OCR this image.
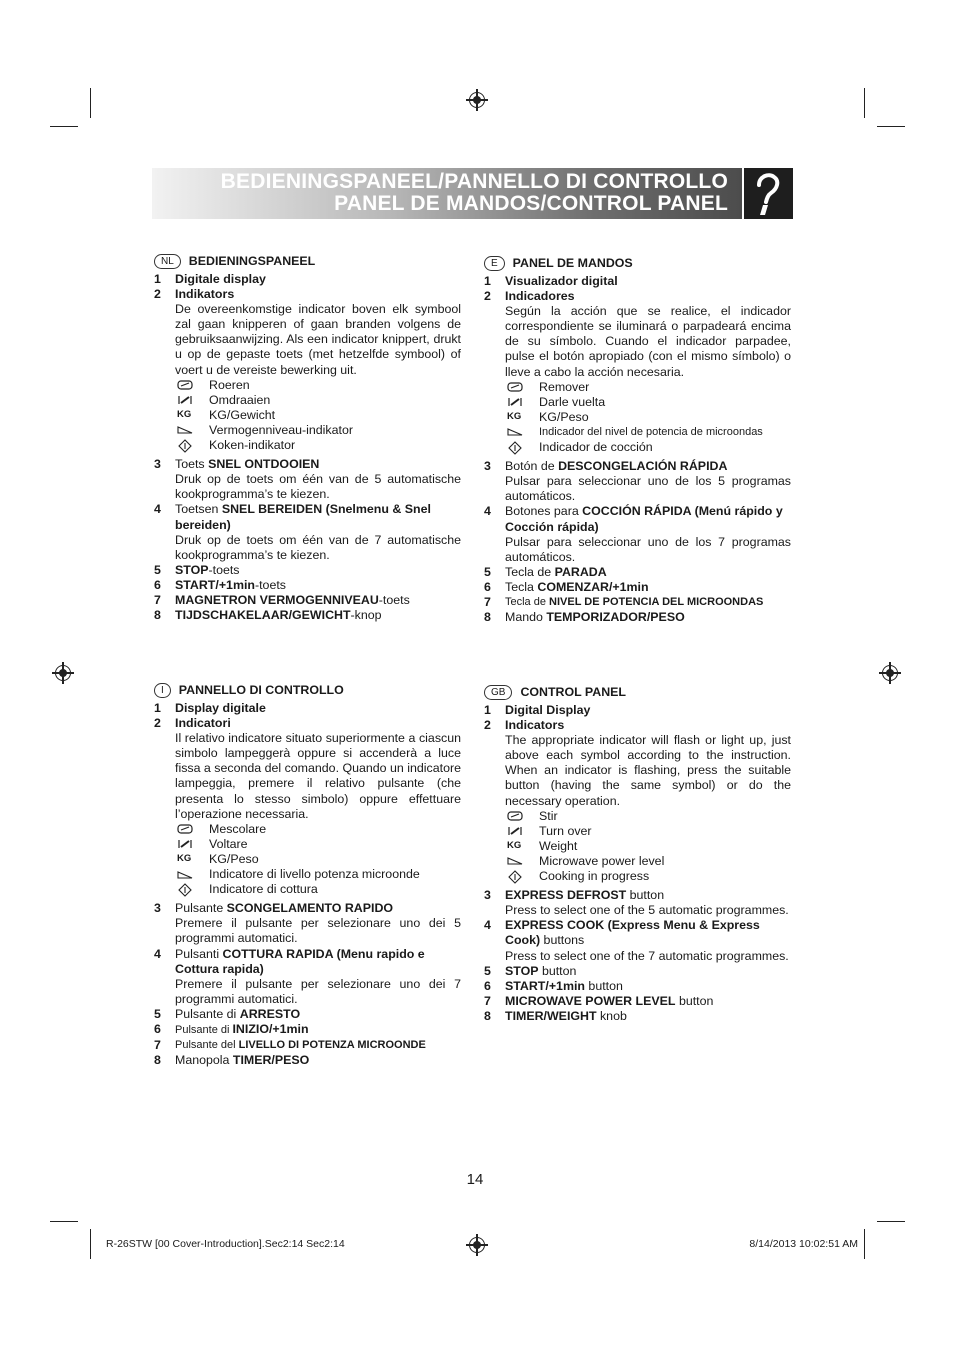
BEDIENINGSPANEEL/PANNELLO DI CONTROLLO
PANEL DE MANDOS/CONTROL PANEL
NL BEDIENINGSPANEEL
1 Digitale display
2 Indikators
De overeenkomstige indicator boven elk symbool zal gaan knipperen of gaan branden volgens de gebruiksaanwijzing. Als een indicator knippert, drukt u op de gepaste toets (met hetzelfde symbool) of voert u de vereiste bewerking uit.
Roeren
Omdraaien
KG	KG/Gewicht
Vermogenniveau-indikator
Koken-indikator
3 Toets SNEL ONTDOOIEN
Druk op de toets om één van de 5 automatische kookprogramma’s te kiezen.
4 Toetsen SNEL BEREIDEN (Snelmenu & Snel bereiden)
Druk op de toets om één van de 7 automatische kookprogramma’s te kiezen.
5 STOP-toets
6 START/+1min-toets
7 MAGNETRON VERMOGENNIVEAU-toets
8 TIJDSCHAKELAAR/GEWICHT-knop
E PANEL DE MANDOS
1 Visualizador digital
2 Indicadores
Según la acción que se realice, el indicador correspondiente se iluminará o parpadeará encima de su símbolo. Cuando el indicador parpadee, pulse el botón apropiado (con el mismo símbolo) o lleve a cabo la acción necesaria.
Remover
Darle vuelta
KG	KG/Peso
Indicador del nivel de potencia de microondas
Indicador de cocción
3 Botón de DESCONGELACIÓN RÁPIDA
Pulsar para seleccionar uno de los 5 programas automáticos.
4 Botones para COCCIÓN RÁPIDA (Menú rápido y Cocción rápida)
Pulsar para seleccionar uno de los 7 programas automáticos.
5 Tecla de PARADA
6 Tecla COMENZAR/+1min
7 Tecla de NIVEL DE POTENCIA DEL MICROONDAS
8 Mando TEMPORIZADOR/PESO
I PANNELLO DI CONTROLLO
1 Display digitale
2 Indicatori
Il relativo indicatore situato superiormente a ciascun simbolo lampeggerà oppure si accenderà a luce fissa a seconda del comando. Quando un indicatore lampeggia, premere il relativo pulsante (che presenta lo stesso simbolo) oppure effettuare l’operazione necessaria.
Mescolare
Voltare
KG	KG/Peso
Indicatore di livello potenza microonde
Indicatore di cottura
3 Pulsante SCONGELAMENTO RAPIDO
Premere il pulsante per selezionare uno dei 5 programmi automatici.
4 Pulsanti COTTURA RAPIDA (Menu rapido e Cottura rapida)
Premere il pulsante per selezionare uno dei 7 programmi automatici.
5 Pulsante di ARRESTO
6 Pulsante di INIZIO/+1min
7 Pulsante del LIVELLO DI POTENZA MICROONDE
8 Manopola TIMER/PESO
GB CONTROL PANEL
1 Digital Display
2 Indicators
The appropriate indicator will flash or light up, just above each symbol according to the instruction. When an indicator is flashing, press the suitable button (having the same symbol) or do the necessary operation.
Stir
Turn over
KG	Weight
Microwave power level
Cooking in progress
3 EXPRESS DEFROST button
Press to select one of the 5 automatic programmes.
4 EXPRESS COOK (Express Menu & Express Cook) buttons
Press to select one of the 7 automatic programmes.
5 STOP button
6 START/+1min button
7 MICROWAVE POWER LEVEL button
8 TIMER/WEIGHT knob
14
R-26STW [00 Cover-Introduction].Sec2:14 Sec2:14	8/14/2013 10:02:51 AM
